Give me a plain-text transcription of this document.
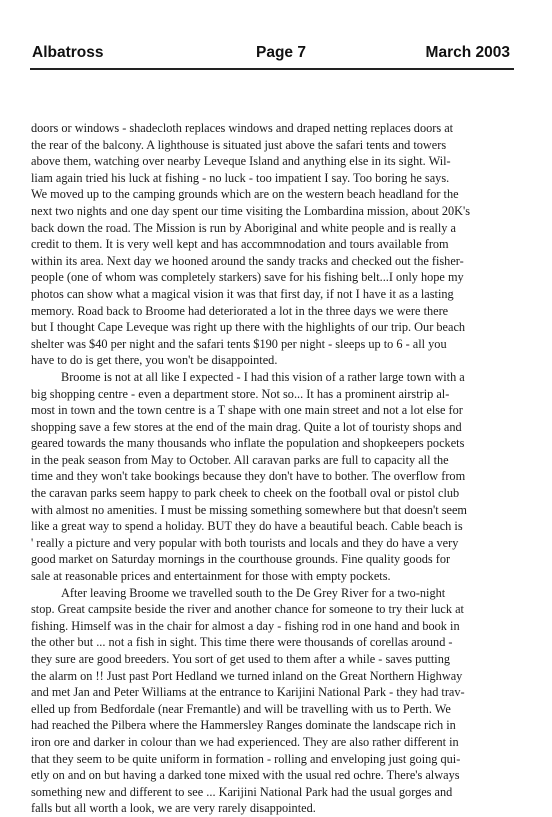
Albatross	Page 7	March 2003
doors or windows - shadecloth replaces windows and draped netting replaces doors at
the rear of the balcony. A lighthouse is situated just above the safari tents and towers
above them, watching over nearby Leveque Island and anything else in its sight. Wil-
liam again tried his luck at fishing - no luck - too impatient I say. Too boring he says.
We moved up to the camping grounds which are on the western beach headland for the
next two nights and one day spent our time visiting the Lombardina mission, about 20K's
back down the road. The Mission is run by Aboriginal and white people and is really a
credit to them. It is very well kept and has accommnodation and tours available from
within its area. Next day we hooned around the sandy tracks and checked out the fisher-
people (one of whom was completely starkers) save for his fishing belt...I only hope my
photos can show what a magical vision it was that first day, if not I have it as a lasting
memory. Road back to Broome had deteriorated a lot in the three days we were there
but I thought Cape Leveque was right up there with the highlights of our trip. Our beach
shelter was $40 per night and the safari tents $190 per night - sleeps up to 6 - all you
have to do is get there, you won't be disappointed.
Broome is not at all like I expected - I had this vision of a rather large town with a
big shopping centre - even a department store. Not so... It has a prominent airstrip al-
most in town and the town centre is a T shape with one main street and not a lot else for
shopping save a few stores at the end of the main drag. Quite a lot of touristy shops and
geared towards the many thousands who inflate the population and shopkeepers pockets
in the peak season from May to October. All caravan parks are full to capacity all the
time and they won't take bookings because they don't have to bother. The overflow from
the caravan parks seem happy to park cheek to cheek on the football oval or pistol club
with almost no amenities. I must be missing something somewhere but that doesn't seem
like a great way to spend a holiday. BUT they do have a beautiful beach. Cable beach is
' really a picture and very popular with both tourists and locals and they do have a very
good market on Saturday mornings in the courthouse grounds. Fine quality goods for
sale at reasonable prices and entertainment for those with empty pockets.
After leaving Broome we travelled south to the De Grey River for a two-night
stop. Great campsite beside the river and another chance for someone to try their luck at
fishing. Himself was in the chair for almost a day - fishing rod in one hand and book in
the other but ... not a fish in sight. This time there were thousands of corellas around -
they sure are good breeders. You sort of get used to them after a while - saves putting
the alarm on !! Just past Port Hedland we turned inland on the Great Northern Highway
and met Jan and Peter Williams at the entrance to Karijini National Park - they had trav-
elled up from Bedfordale (near Fremantle) and will be travelling with us to Perth. We
had reached the Pilbera where the Hammersley Ranges dominate the landscape rich in
iron ore and darker in colour than we had experienced. They are also rather different in
that they seem to be quite uniform in formation - rolling and enveloping just going qui-
etly on and on but having a darked tone mixed with the usual red ochre. There's always
something new and different to see ... Karijini National Park had the usual gorges and
falls but all worth a look, we are very rarely disappointed.
